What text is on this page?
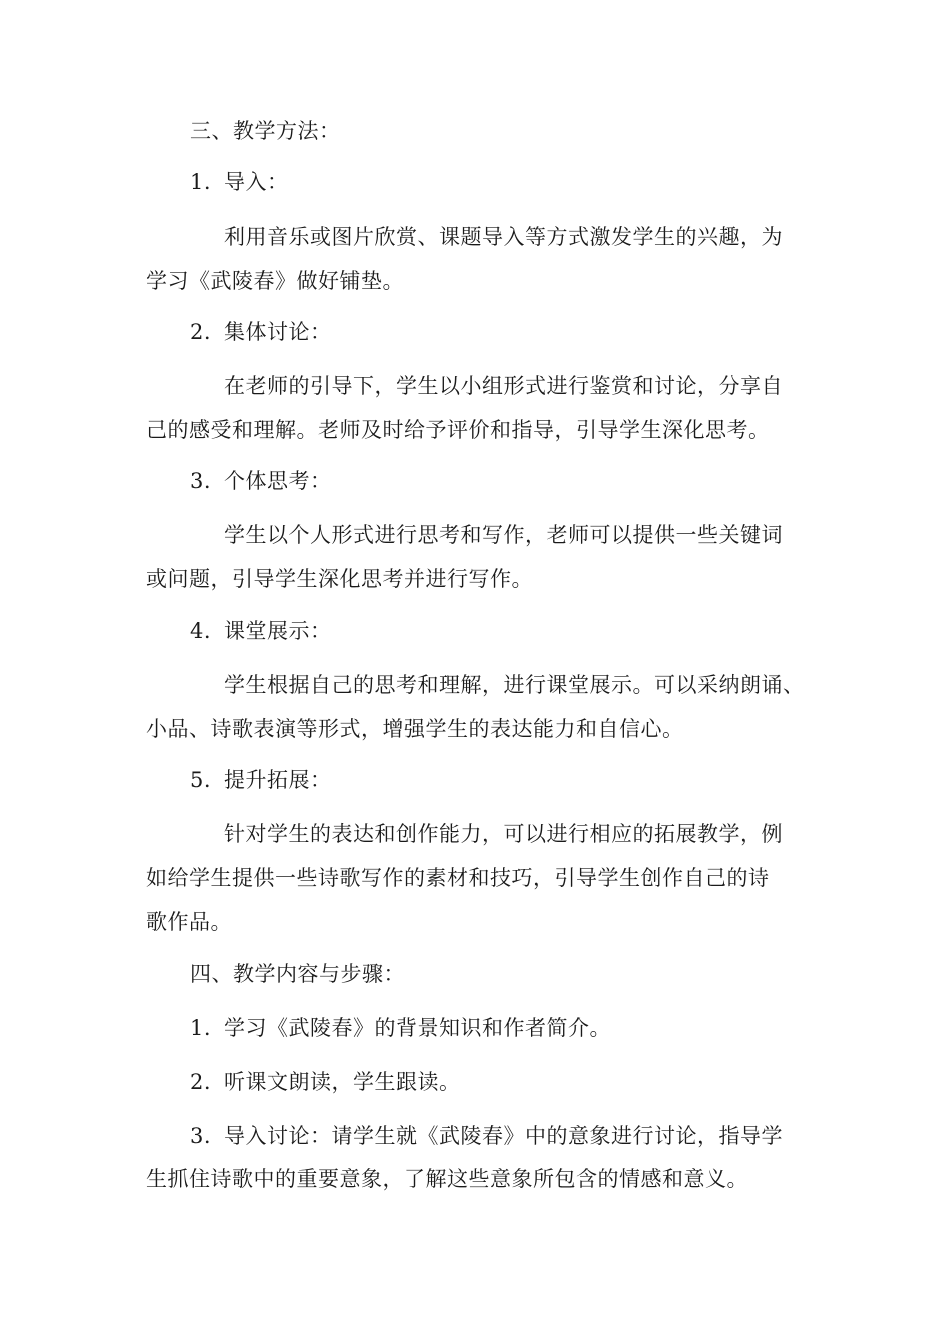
三、教学方法：
1. 导入：
利用音乐或图片欣赏、课题导入等方式激发学生的兴趣，为
学习《武陵春》做好铺垫。
2. 集体讨论：
在老师的引导下，学生以小组形式进行鉴赏和讨论，分享自
己的感受和理解。老师及时给予评价和指导，引导学生深化思考。
3. 个体思考：
学生以个人形式进行思考和写作，老师可以提供一些关键词
或问题，引导学生深化思考并进行写作。
4. 课堂展示：
学生根据自己的思考和理解，进行课堂展示。可以采纳朗诵、
小品、诗歌表演等形式，增强学生的表达能力和自信心。
5. 提升拓展：
针对学生的表达和创作能力，可以进行相应的拓展教学，例
如给学生提供一些诗歌写作的素材和技巧，引导学生创作自己的诗
歌作品。
四、教学内容与步骤：
1. 学习《武陵春》的背景知识和作者简介。
2. 听课文朗读，学生跟读。
3. 导入讨论：请学生就《武陵春》中的意象进行讨论，指导学
生抓住诗歌中的重要意象，了解这些意象所包含的情感和意义。
